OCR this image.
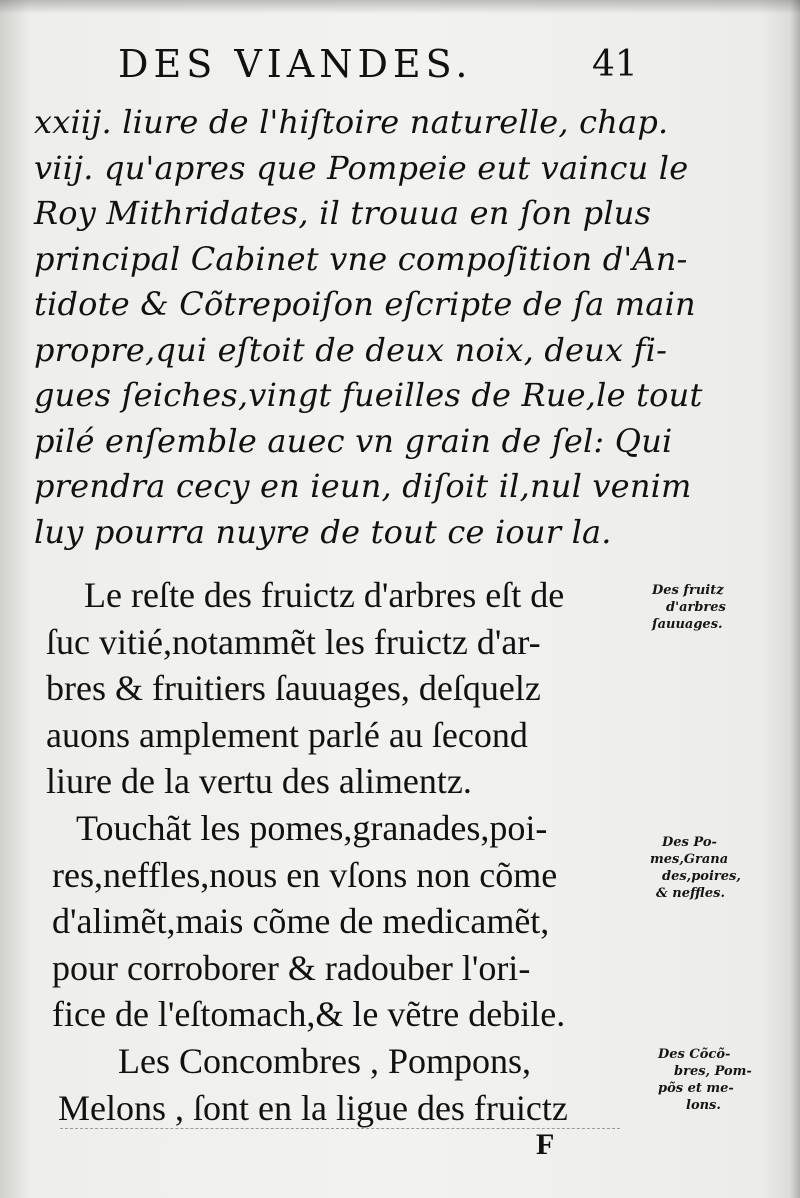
DES VIANDES.	41
xxiij. liure de l'hiſtoire naturelle, chap.
viij. qu'apres que Pompeie eut vaincu le
Roy Mithridates, il trouua en ſon plus
principal Cabinet vne compoſition d'An-
tidote & Cõtrepoiſon eſcripte de ſa main
propre,qui eſtoit de deux noix, deux fi-
gues ſeiches,vingt fueilles de Rue,le tout
pilé enſemble auec vn grain de ſel: Qui
prendra cecy en ieun, diſoit il,nul venim
luy pourra nuyre de tout ce iour la.
Le reſte des fruictz d'arbres eſt de
ſuc vitié,notammẽt les fruictz d'ar-
bres & fruitiers ſauuages, deſquelz
auons amplement parlé au ſecond
liure de la vertu des alimentz.
Touchãt les pomes,granades,poi-
res,neffles,nous en vſons non cõme
d'alimẽt,mais cõme de medicamẽt,
pour corroborer & radouber l'ori-
fice de l'eſtomach,& le vẽtre debile.
Les Concombres , Pompons,
Melons , ſont en la ligue des fruictz
Des fruitz
d'arbres
ſauuages.
Des Po-
mes,Grana
des,poires,
& neffles.
Des Cõcõ-
bres, Pom-
põs et me-
lons.
F
